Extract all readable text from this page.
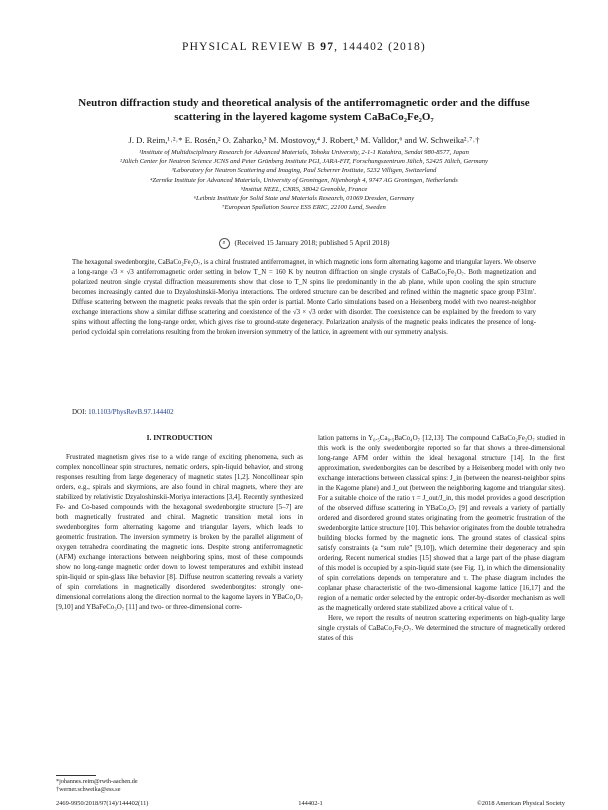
PHYSICAL REVIEW B 97, 144402 (2018)
Neutron diffraction study and theoretical analysis of the antiferromagnetic order and the diffuse
scattering in the layered kagome system CaBaCo₂Fe₂O₇
J. D. Reim,¹˒²˒* E. Rosén,² O. Zaharko,³ M. Mostovoy,⁴ J. Robert,⁵ M. Valldor,⁶ and W. Schweika²˒⁷˒†
¹Institute of Multidisciplinary Research for Advanced Materials, Tohoku University, 2-1-1 Katahira, Sendai 980-8577, Japan
²Jülich Center for Neutron Science JCNS and Peter Grünberg Institute PGI, JARA-FIT, Forschungszentrum Jülich, 52425 Jülich, Germany
³Laboratory for Neutron Scattering and Imaging, Paul Scherrer Institute, 5232 Villigen, Switzerland
⁴Zernike Institute for Advanced Materials, University of Groningen, Nijenborgh 4, 9747 AG Groningen, Netherlands
⁵Institut NEEL, CNRS, 38042 Grenoble, France
⁶Leibniz Institute for Solid State and Materials Research, 01069 Dresden, Germany
⁷European Spallation Source ESS ERIC, 22100 Lund, Sweden
⌕ (Received 15 January 2018; published 5 April 2018)
The hexagonal swedenborgite, CaBaCo₂Fe₂O₇, is a chiral frustrated antiferromagnet, in which magnetic ions form alternating kagome and triangular layers. We observe a long-range √3 × √3 antiferromagnetic order setting in below T_N = 160 K by neutron diffraction on single crystals of CaBaCo₂Fe₂O₇. Both magnetization and polarized neutron single crystal diffraction measurements show that close to T_N spins lie predominantly in the ab plane, while upon cooling the spin structure becomes increasingly canted due to Dzyaloshinskii-Moriya interactions. The ordered structure can be described and refined within the magnetic space group P31m′. Diffuse scattering between the magnetic peaks reveals that the spin order is partial. Monte Carlo simulations based on a Heisenberg model with two nearest-neighbor exchange interactions show a similar diffuse scattering and coexistence of the √3 × √3 order with disorder. The coexistence can be explained by the freedom to vary spins without affecting the long-range order, which gives rise to ground-state degeneracy. Polarization analysis of the magnetic peaks indicates the presence of long-period cycloidal spin correlations resulting from the broken inversion symmetry of the lattice, in agreement with our symmetry analysis.
DOI: 10.1103/PhysRevB.97.144402
I. INTRODUCTION

Frustrated magnetism gives rise to a wide range of exciting phenomena, such as complex noncollinear spin structures, nematic orders, spin-liquid behavior, and strong responses resulting from large degeneracy of magnetic states [1,2]. Noncollinear spin orders, e.g., spirals and skyrmions, are also found in chiral magnets, where they are stabilized by relativistic Dzyaloshinskii-Moriya interactions [3,4]. Recently synthesized Fe- and Co-based compounds with the hexagonal swedenborgite structure [5–7] are both magnetically frustrated and chiral. Magnetic transition metal ions in swedenborgites form alternating kagome and triangular layers, which leads to geometric frustration. The inversion symmetry is broken by the parallel alignment of oxygen tetrahedra coordinating the magnetic ions. Despite strong antiferromagnetic (AFM) exchange interactions between neighboring spins, most of these compounds show no long-range magnetic order down to lowest temperatures and exhibit instead spin-liquid or spin-glass like behavior [8]. Diffuse neutron scattering reveals a variety of spin correlations in magnetically disordered swedenborgites: strongly one-dimensional correlations along the direction normal to the kagome layers in YBaCo₄O₇ [9,10] and YBaFeCo₃O₇ [11] and two- or three-dimensional corre-

lation patterns in Y₀.₅Ca₀.₅BaCo₄O₇ [12,13]. The compound CaBaCo₂Fe₂O₇ studied in this work is the only swedenborgite reported so far that shows a three-dimensional long-range AFM order within the ideal hexagonal structure [14]. In the first approximation, swedenborgites can be described by a Heisenberg model with only two exchange interactions between classical spins: J_in (between the nearest-neighbor spins in the Kagome plane) and J_out (between the neighboring kagome and triangular sites). For a suitable choice of the ratio τ = J_out/J_in, this model provides a good description of the observed diffuse scattering in YBaCo₄O₇ [9] and reveals a variety of partially ordered and disordered ground states originating from the geometric frustration of the swedenborgite lattice structure [10]. This behavior originates from the double tetrahedra building blocks formed by the magnetic ions. The ground states of classical spins satisfy constraints (a “sum rule” [9,10]), which determine their degeneracy and spin ordering. Recent numerical studies [15] showed that a large part of the phase diagram of this model is occupied by a spin-liquid state (see Fig. 1), in which the dimensionality of spin correlations depends on temperature and τ. The phase diagram includes the coplanar phase characteristic of the two-dimensional kagome lattice [16,17] and the region of a nematic order selected by the entropic order-by-disorder mechanism as well as the magnetically ordered state stabilized above a critical value of τ.

Here, we report the results of neutron scattering experiments on high-quality large single crystals of CaBaCo₂Fe₂O₇. We determined the structure of magnetically ordered states of this

*johannes.reim@rwth-aachen.de
†werner.schweika@ess.se
2469-9950/2018/97(14)/144402(11)	144402-1	©2018 American Physical Society
